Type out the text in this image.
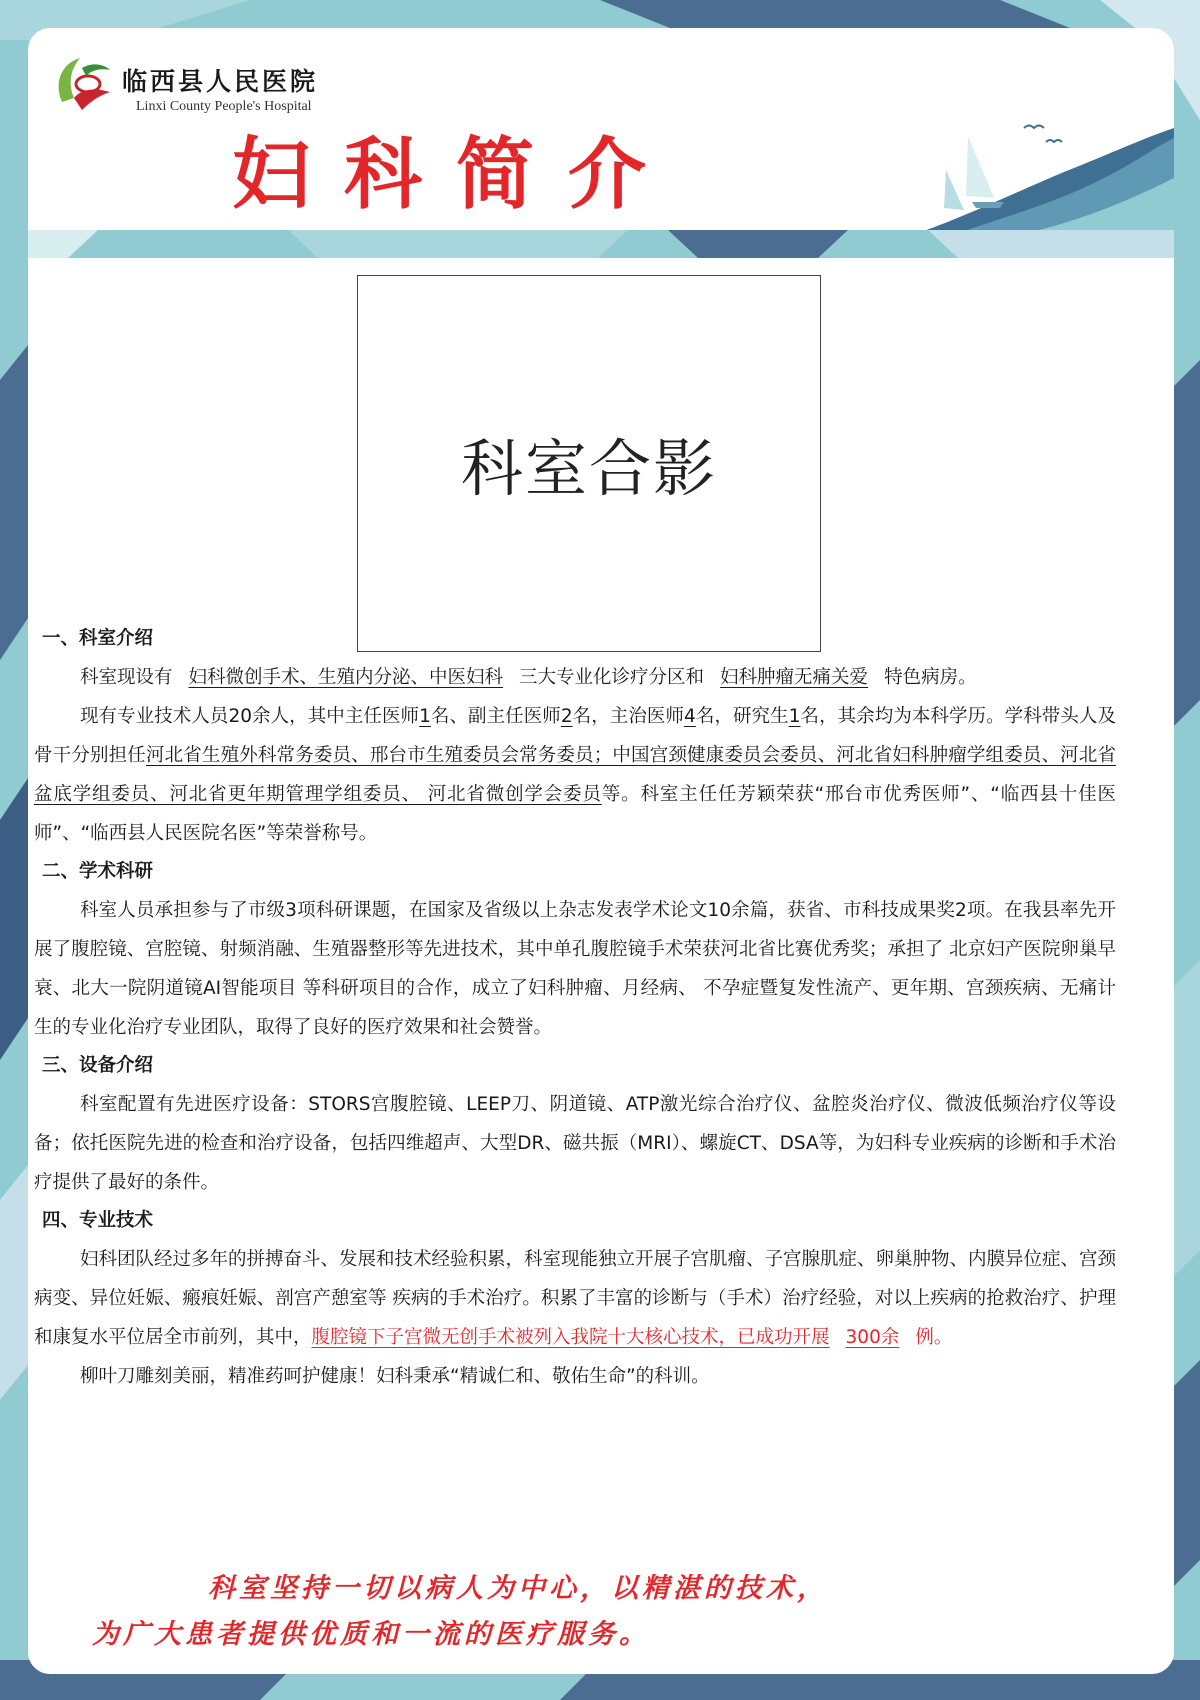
临西县人民医院
Linxi County People's Hospital
妇科简介
科室合影
一、科室介绍
科室现设有 妇科微创手术、生殖内分泌、中医妇科 三大专业化诊疗分区和 妇科肿瘤无痛关爱 特色病房。
现有专业技术人员20余人，其中主任医师1名、副主任医师2名，主治医师4名，研究生1名，其余均为本科学历。学科带头人及骨干分别担任河北省生殖外科常务委员、邢台市生殖委员会常务委员；中国宫颈健康委员会委员、河北省妇科肿瘤学组委员、河北省盆底学组委员、河北省更年期管理学组委员、 河北省微创学会委员等。科室主任任芳颖荣获“邢台市优秀医师”、“临西县十佳医师”、“临西县人民医院名医”等荣誉称号。
二、学术科研
科室人员承担参与了市级3项科研课题，在国家及省级以上杂志发表学术论文10余篇，获省、市科技成果奖2项。在我县率先开展了腹腔镜、宫腔镜、射频消融、生殖器整形等先进技术，其中单孔腹腔镜手术荣获河北省比赛优秀奖；承担了 北京妇产医院卵巢早衰、北大一院阴道镜AI智能项目 等科研项目的合作，成立了妇科肿瘤、月经病、 不孕症暨复发性流产、更年期、宫颈疾病、无痛计生的专业化治疗专业团队，取得了良好的医疗效果和社会赞誉。
三、设备介绍
科室配置有先进医疗设备：STORS宫腹腔镜、LEEP刀、阴道镜、ATP激光综合治疗仪、盆腔炎治疗仪、微波低频治疗仪等设备；依托医院先进的检查和治疗设备，包括四维超声、大型DR、磁共振（MRI）、螺旋CT、DSA等，为妇科专业疾病的诊断和手术治疗提供了最好的条件。
四、专业技术
妇科团队经过多年的拼搏奋斗、发展和技术经验积累，科室现能独立开展子宫肌瘤、子宫腺肌症、卵巢肿物、内膜异位症、宫颈病变、异位妊娠、瘢痕妊娠、剖宫产憩室等 疾病的手术治疗。积累了丰富的诊断与（手术）治疗经验，对以上疾病的抢救治疗、护理和康复水平位居全市前列，其中，腹腔镜下子宫微无创手术被列入我院十大核心技术，已成功开展 300余 例。
柳叶刀雕刻美丽，精准药呵护健康！妇科秉承“精诚仁和、敬佑生命”的科训。
科室坚持一切以病人为中心，以精湛的技术，
为广大患者提供优质和一流的医疗服务。
